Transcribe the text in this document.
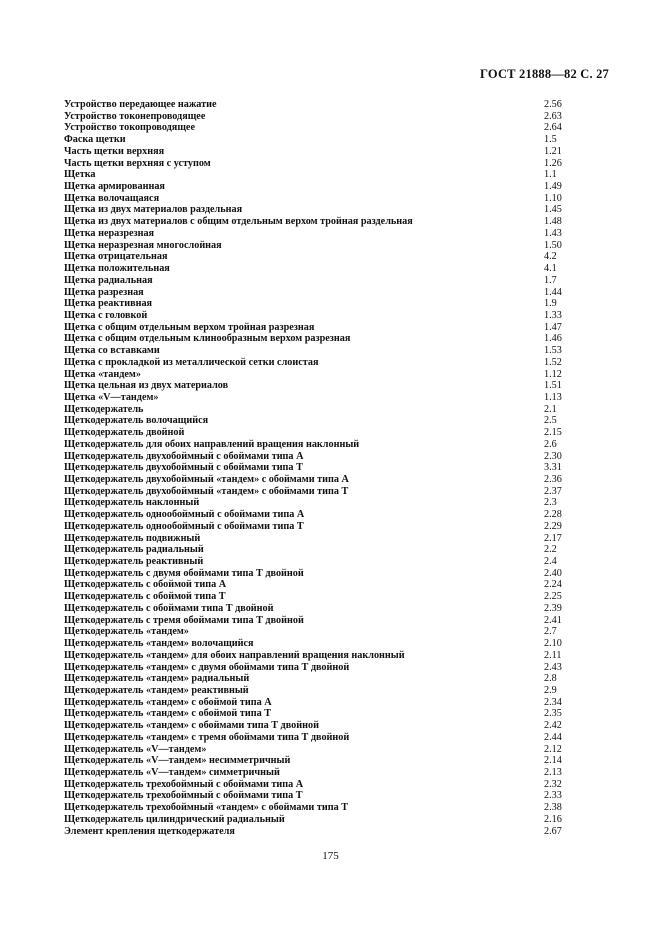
ГОСТ 21888—82 С. 27
Устройство передающее нажатие	2.56
Устройство токонепроводящее	2.63
Устройство токопроводящее	2.64
Фаска щетки	1.5
Часть щетки верхняя	1.21
Часть щетки верхняя с уступом	1.26
Щетка	1.1
Щетка армированная	1.49
Щетка волочащаяся	1.10
Щетка из двух материалов раздельная	1.45
Щетка из двух материалов с общим отдельным верхом тройная раздельная	1.48
Щетка неразрезная	1.43
Щетка неразрезная многослойная	1.50
Щетка отрицательная	4.2
Щетка положительная	4.1
Щетка радиальная	1.7
Щетка разрезная	1.44
Щетка реактивная	1.9
Щетка с головкой	1.33
Щетка с общим отдельным верхом тройная разрезная	1.47
Щетка с общим отдельным клинообразным верхом разрезная	1.46
Щетка со вставками	1.53
Щетка с прокладкой из металлической сетки слоистая	1.52
Щетка «тандем»	1.12
Щетка цельная из двух материалов	1.51
Щетка «V—тандем»	1.13
Щеткодержатель	2.1
Щеткодержатель волочащийся	2.5
Щеткодержатель двойной	2.15
Щеткодержатель для обоих направлений вращения наклонный	2.6
Щеткодержатель двухобоймный с обоймами типа А	2.30
Щеткодержатель двухобоймный с обоймами типа Т	3.31
Щеткодержатель двухобоймный «тандем» с обоймами типа А	2.36
Щеткодержатель двухобоймный «тандем» с обоймами типа Т	2.37
Щеткодержатель наклонный	2.3
Щеткодержатель однообоймный с обоймами типа А	2.28
Щеткодержатель однообоймный с обоймами типа Т	2.29
Щеткодержатель подвижный	2.17
Щеткодержатель радиальный	2.2
Щеткодержатель реактивный	2.4
Щеткодержатель с двумя обоймами типа Т двойной	2.40
Щеткодержатель с обоймой типа А	2.24
Щеткодержатель с обоймой типа Т	2.25
Щеткодержатель с обоймами типа Т двойной	2.39
Щеткодержатель с тремя обоймами типа Т двойной	2.41
Щеткодержатель «тандем»	2.7
Щеткодержатель «тандем» волочащийся	2.10
Щеткодержатель «тандем» для обоих направлений вращения наклонный	2.11
Щеткодержатель «тандем» с двумя обоймами типа Т двойной	2.43
Щеткодержатель «тандем» радиальный	2.8
Щеткодержатель «тандем» реактивный	2.9
Щеткодержатель «тандем» с обоймой типа А	2.34
Щеткодержатель «тандем» с обоймой типа Т	2.35
Щеткодержатель «тандем» с обоймами типа Т двойной	2.42
Щеткодержатель «тандем» с тремя обоймами типа Т двойной	2.44
Щеткодержатель «V—тандем»	2.12
Щеткодержатель «V—тандем» несимметричный	2.14
Щеткодержатель «V—тандем» симметричный	2.13
Щеткодержатель трехобоймный с обоймами типа А	2.32
Щеткодержатель трехобоймный с обоймами типа Т	2.33
Щеткодержатель трехобоймный «тандем» с обоймами типа Т	2.38
Щеткодержатель цилиндрический радиальный	2.16
Элемент крепления щеткодержателя	2.67
175
